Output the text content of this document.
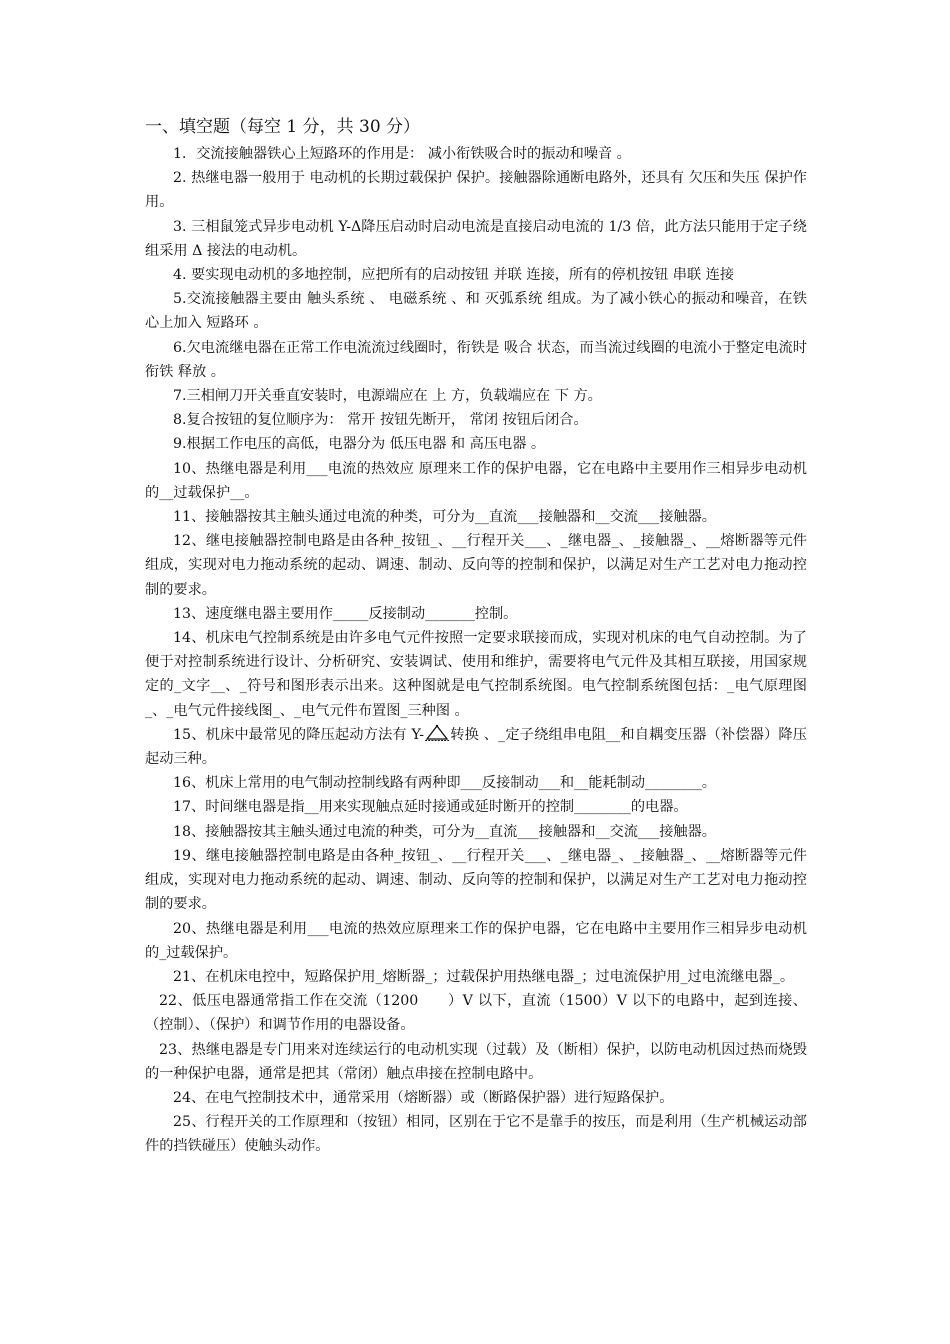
一、填空题（每空 1 分，共 30 分）

1．交流接触器铁心上短路环的作用是： 减小衔铁吸合时的振动和噪音 。

2. 热继电器一般用于 电动机的长期过载保护 保护。接触器除通断电路外，还具有 欠压和失压 保护作用。

3. 三相鼠笼式异步电动机 Y-Δ降压启动时启动电流是直接启动电流的 1/3 倍，此方法只能用于定子绕组采用 Δ 接法的电动机。

4. 要实现电动机的多地控制，应把所有的启动按钮 并联 连接，所有的停机按钮 串联 连接

5.交流接触器主要由 触头系统 、 电磁系统 、和 灭弧系统 组成。为了减小铁心的振动和噪音，在铁心上加入 短路环 。

6.欠电流继电器在正常工作电流流过线圈时，衔铁是 吸合 状态，而当流过线圈的电流小于整定电流时衔铁 释放 。

7.三相闸刀开关垂直安装时，电源端应在 上 方，负载端应在 下 方。

8.复合按钮的复位顺序为： 常开 按钮先断开， 常闭 按钮后闭合。

9.根据工作电压的高低，电器分为 低压电器 和 高压电器 。

10、热继电器是利用___电流的热效应 原理来工作的保护电器，它在电路中主要用作三相异步电动机的__过载保护__。

11、接触器按其主触头通过电流的种类，可分为__直流___接触器和__交流___接触器。

12、继电接触器控制电路是由各种_按钮_、__行程开关___、_继电器_、_接触器_、__熔断器等元件组成，实现对电力拖动系统的起动、调速、制动、反向等的控制和保护，以满足对生产工艺对电力拖动控制的要求。

13、速度继电器主要用作_____反接制动_______控制。

14、机床电气控制系统是由许多电气元件按照一定要求联接而成，实现对机床的电气自动控制。为了便于对控制系统进行设计、分析研究、安装调试、使用和维护，需要将电气元件及其相互联接，用国家规定的_文字__、_符号和图形表示出来。这种图就是电气控制系统图。电气控制系统图包括：_电气原理图_、_电气元件接线图_、_电气元件布置图_三种图 。

15、机床中最常见的降压起动方法有 Y- 转换 、_定子绕组串电阻__和自耦变压器（补偿器）降压起动三种。

16、机床上常用的电气制动控制线路有两种即___反接制动___和__能耗制动________。

17、时间继电器是指__用来实现触点延时接通或延时断开的控制________的电器。

18、接触器按其主触头通过电流的种类，可分为__直流___接触器和__交流___接触器。

19、继电接触器控制电路是由各种_按钮_、__行程开关___、_继电器_、_接触器_、__熔断器等元件组成，实现对电力拖动系统的起动、调速、制动、反向等的控制和保护，以满足对生产工艺对电力拖动控制的要求。

20、热继电器是利用___电流的热效应原理来工作的保护电器，它在电路中主要用作三相异步电动机的_过载保护。

21、在机床电控中，短路保护用_熔断器_；过载保护用热继电器_；过电流保护用_过电流继电器_。

22、低压电器通常指工作在交流（1200　　）V 以下，直流（1500）V 以下的电路中，起到连接、（控制）、（保护）和调节作用的电器设备。

23、热继电器是专门用来对连续运行的电动机实现（过载）及（断相）保护，以防电动机因过热而烧毁的一种保护电器，通常是把其（常闭）触点串接在控制电路中。

24、在电气控制技术中，通常采用（熔断器）或（断路保护器）进行短路保护。

25、行程开关的工作原理和（按钮）相同，区别在于它不是靠手的按压，而是利用（生产机械运动部件的挡铁碰压）使触头动作。
